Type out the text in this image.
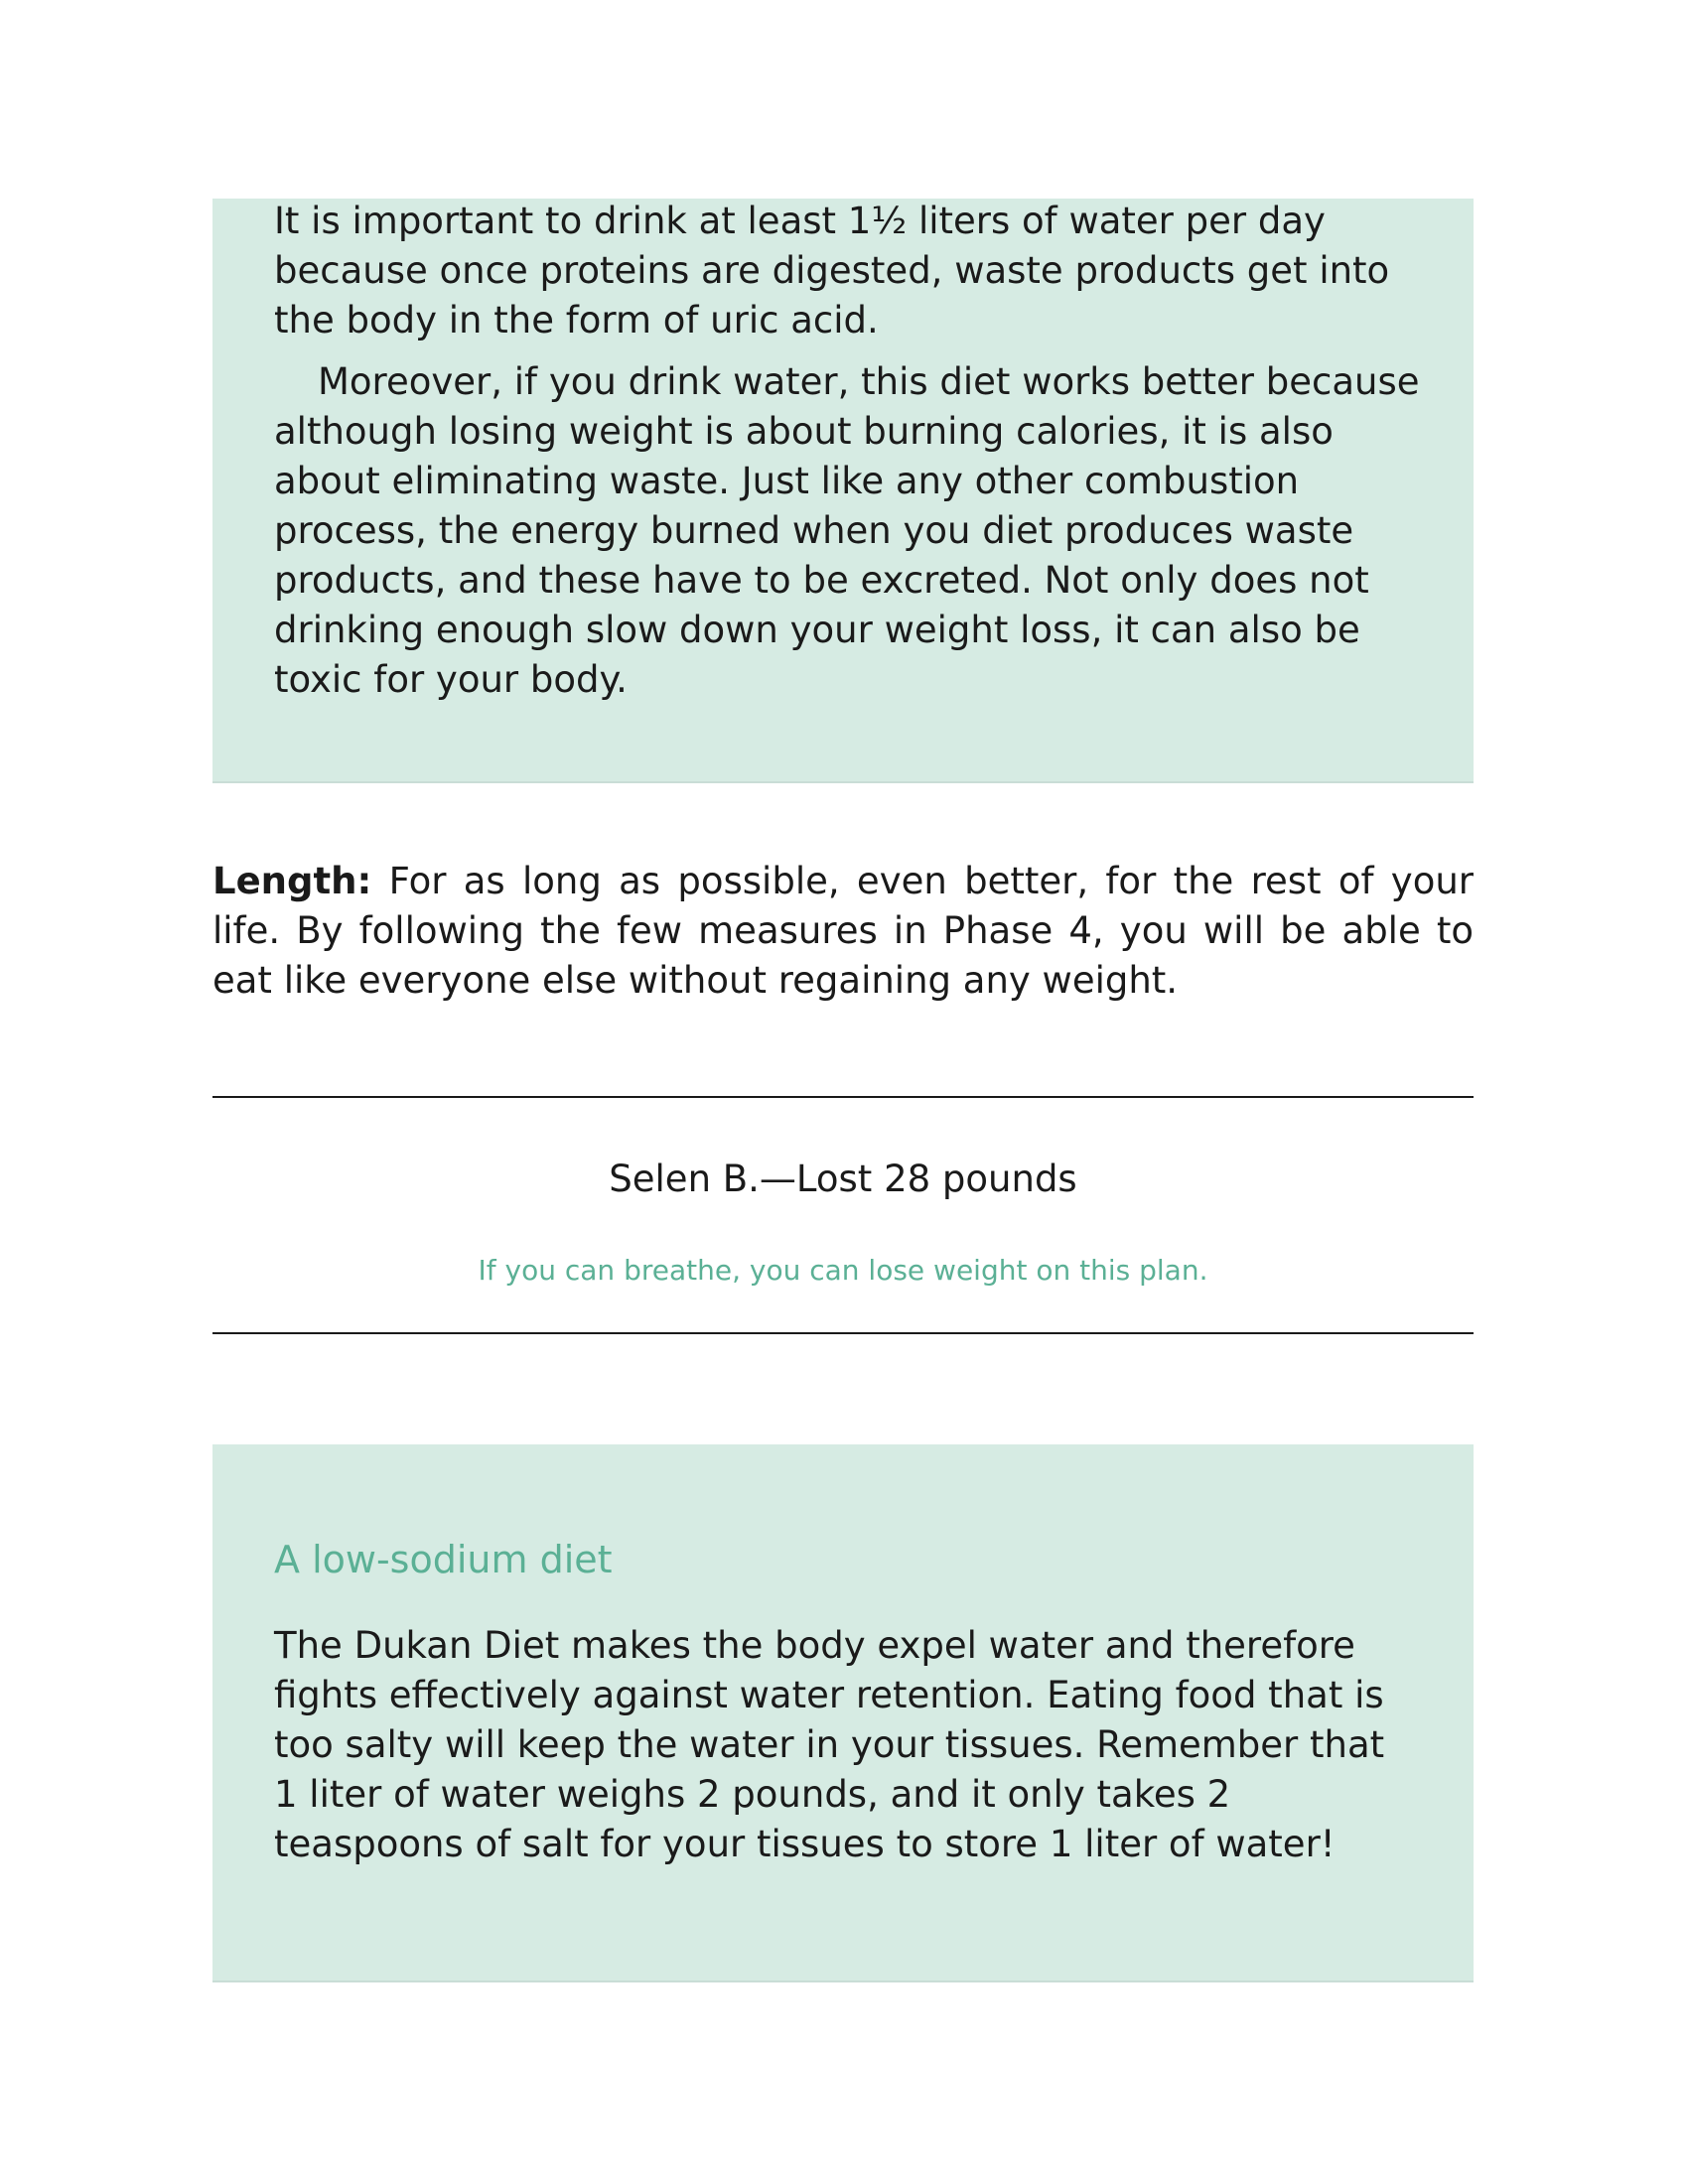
It is important to drink at least 1½ liters of water per day because once proteins are digested, waste products get into the body in the form of uric acid.

Moreover, if you drink water, this diet works better because although losing weight is about burning calories, it is also about eliminating waste. Just like any other combustion process, the energy burned when you diet produces waste products, and these have to be excreted. Not only does not drinking enough slow down your weight loss, it can also be toxic for your body.

Length: For as long as possible, even better, for the rest of your life. By following the few measures in Phase 4, you will be able to eat like everyone else without regaining any weight.

Selen B.—Lost 28 pounds
If you can breathe, you can lose weight on this plan.
A low-sodium diet

The Dukan Diet makes the body expel water and therefore fights effectively against water retention. Eating food that is too salty will keep the water in your tissues. Remember that 1 liter of water weighs 2 pounds, and it only takes 2 teaspoons of salt for your tissues to store 1 liter of water!
